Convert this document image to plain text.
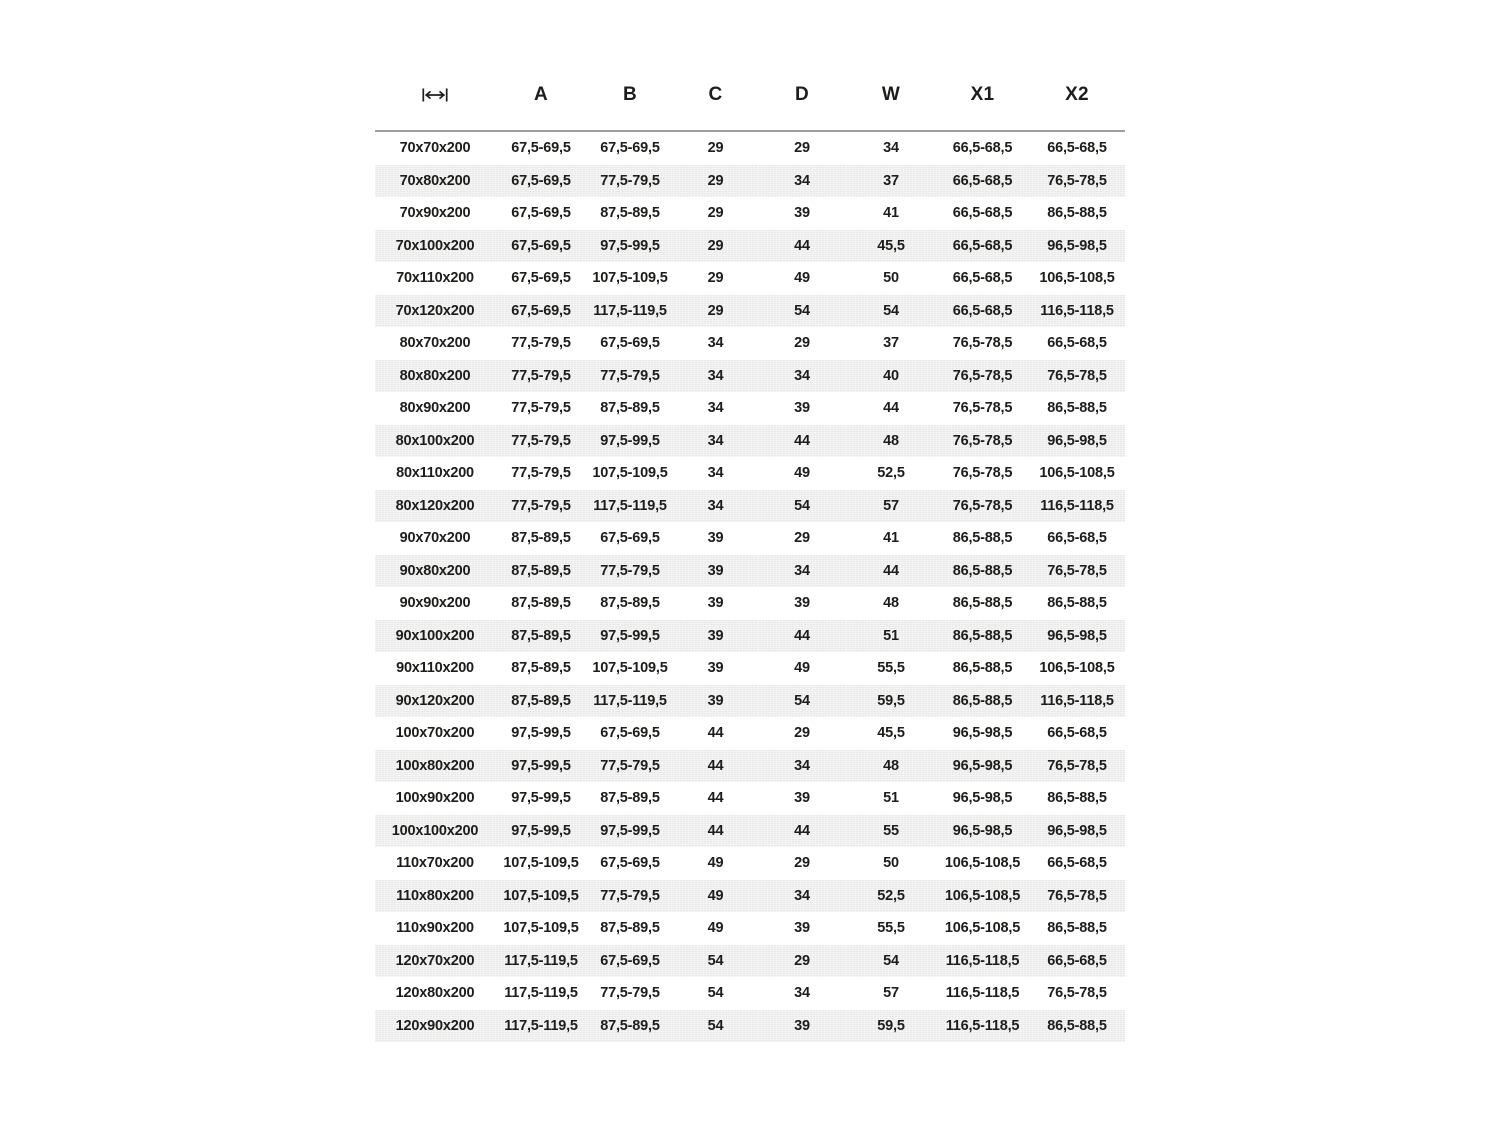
	A	B	C	D	W	X1	X2
70x70x200	67,5-69,5	67,5-69,5	29	29	34	66,5-68,5	66,5-68,5
70x80x200	67,5-69,5	77,5-79,5	29	34	37	66,5-68,5	76,5-78,5
70x90x200	67,5-69,5	87,5-89,5	29	39	41	66,5-68,5	86,5-88,5
70x100x200	67,5-69,5	97,5-99,5	29	44	45,5	66,5-68,5	96,5-98,5
70x110x200	67,5-69,5	107,5-109,5	29	49	50	66,5-68,5	106,5-108,5
70x120x200	67,5-69,5	117,5-119,5	29	54	54	66,5-68,5	116,5-118,5
80x70x200	77,5-79,5	67,5-69,5	34	29	37	76,5-78,5	66,5-68,5
80x80x200	77,5-79,5	77,5-79,5	34	34	40	76,5-78,5	76,5-78,5
80x90x200	77,5-79,5	87,5-89,5	34	39	44	76,5-78,5	86,5-88,5
80x100x200	77,5-79,5	97,5-99,5	34	44	48	76,5-78,5	96,5-98,5
80x110x200	77,5-79,5	107,5-109,5	34	49	52,5	76,5-78,5	106,5-108,5
80x120x200	77,5-79,5	117,5-119,5	34	54	57	76,5-78,5	116,5-118,5
90x70x200	87,5-89,5	67,5-69,5	39	29	41	86,5-88,5	66,5-68,5
90x80x200	87,5-89,5	77,5-79,5	39	34	44	86,5-88,5	76,5-78,5
90x90x200	87,5-89,5	87,5-89,5	39	39	48	86,5-88,5	86,5-88,5
90x100x200	87,5-89,5	97,5-99,5	39	44	51	86,5-88,5	96,5-98,5
90x110x200	87,5-89,5	107,5-109,5	39	49	55,5	86,5-88,5	106,5-108,5
90x120x200	87,5-89,5	117,5-119,5	39	54	59,5	86,5-88,5	116,5-118,5
100x70x200	97,5-99,5	67,5-69,5	44	29	45,5	96,5-98,5	66,5-68,5
100x80x200	97,5-99,5	77,5-79,5	44	34	48	96,5-98,5	76,5-78,5
100x90x200	97,5-99,5	87,5-89,5	44	39	51	96,5-98,5	86,5-88,5
100x100x200	97,5-99,5	97,5-99,5	44	44	55	96,5-98,5	96,5-98,5
110x70x200	107,5-109,5	67,5-69,5	49	29	50	106,5-108,5	66,5-68,5
110x80x200	107,5-109,5	77,5-79,5	49	34	52,5	106,5-108,5	76,5-78,5
110x90x200	107,5-109,5	87,5-89,5	49	39	55,5	106,5-108,5	86,5-88,5
120x70x200	117,5-119,5	67,5-69,5	54	29	54	116,5-118,5	66,5-68,5
120x80x200	117,5-119,5	77,5-79,5	54	34	57	116,5-118,5	76,5-78,5
120x90x200	117,5-119,5	87,5-89,5	54	39	59,5	116,5-118,5	86,5-88,5
